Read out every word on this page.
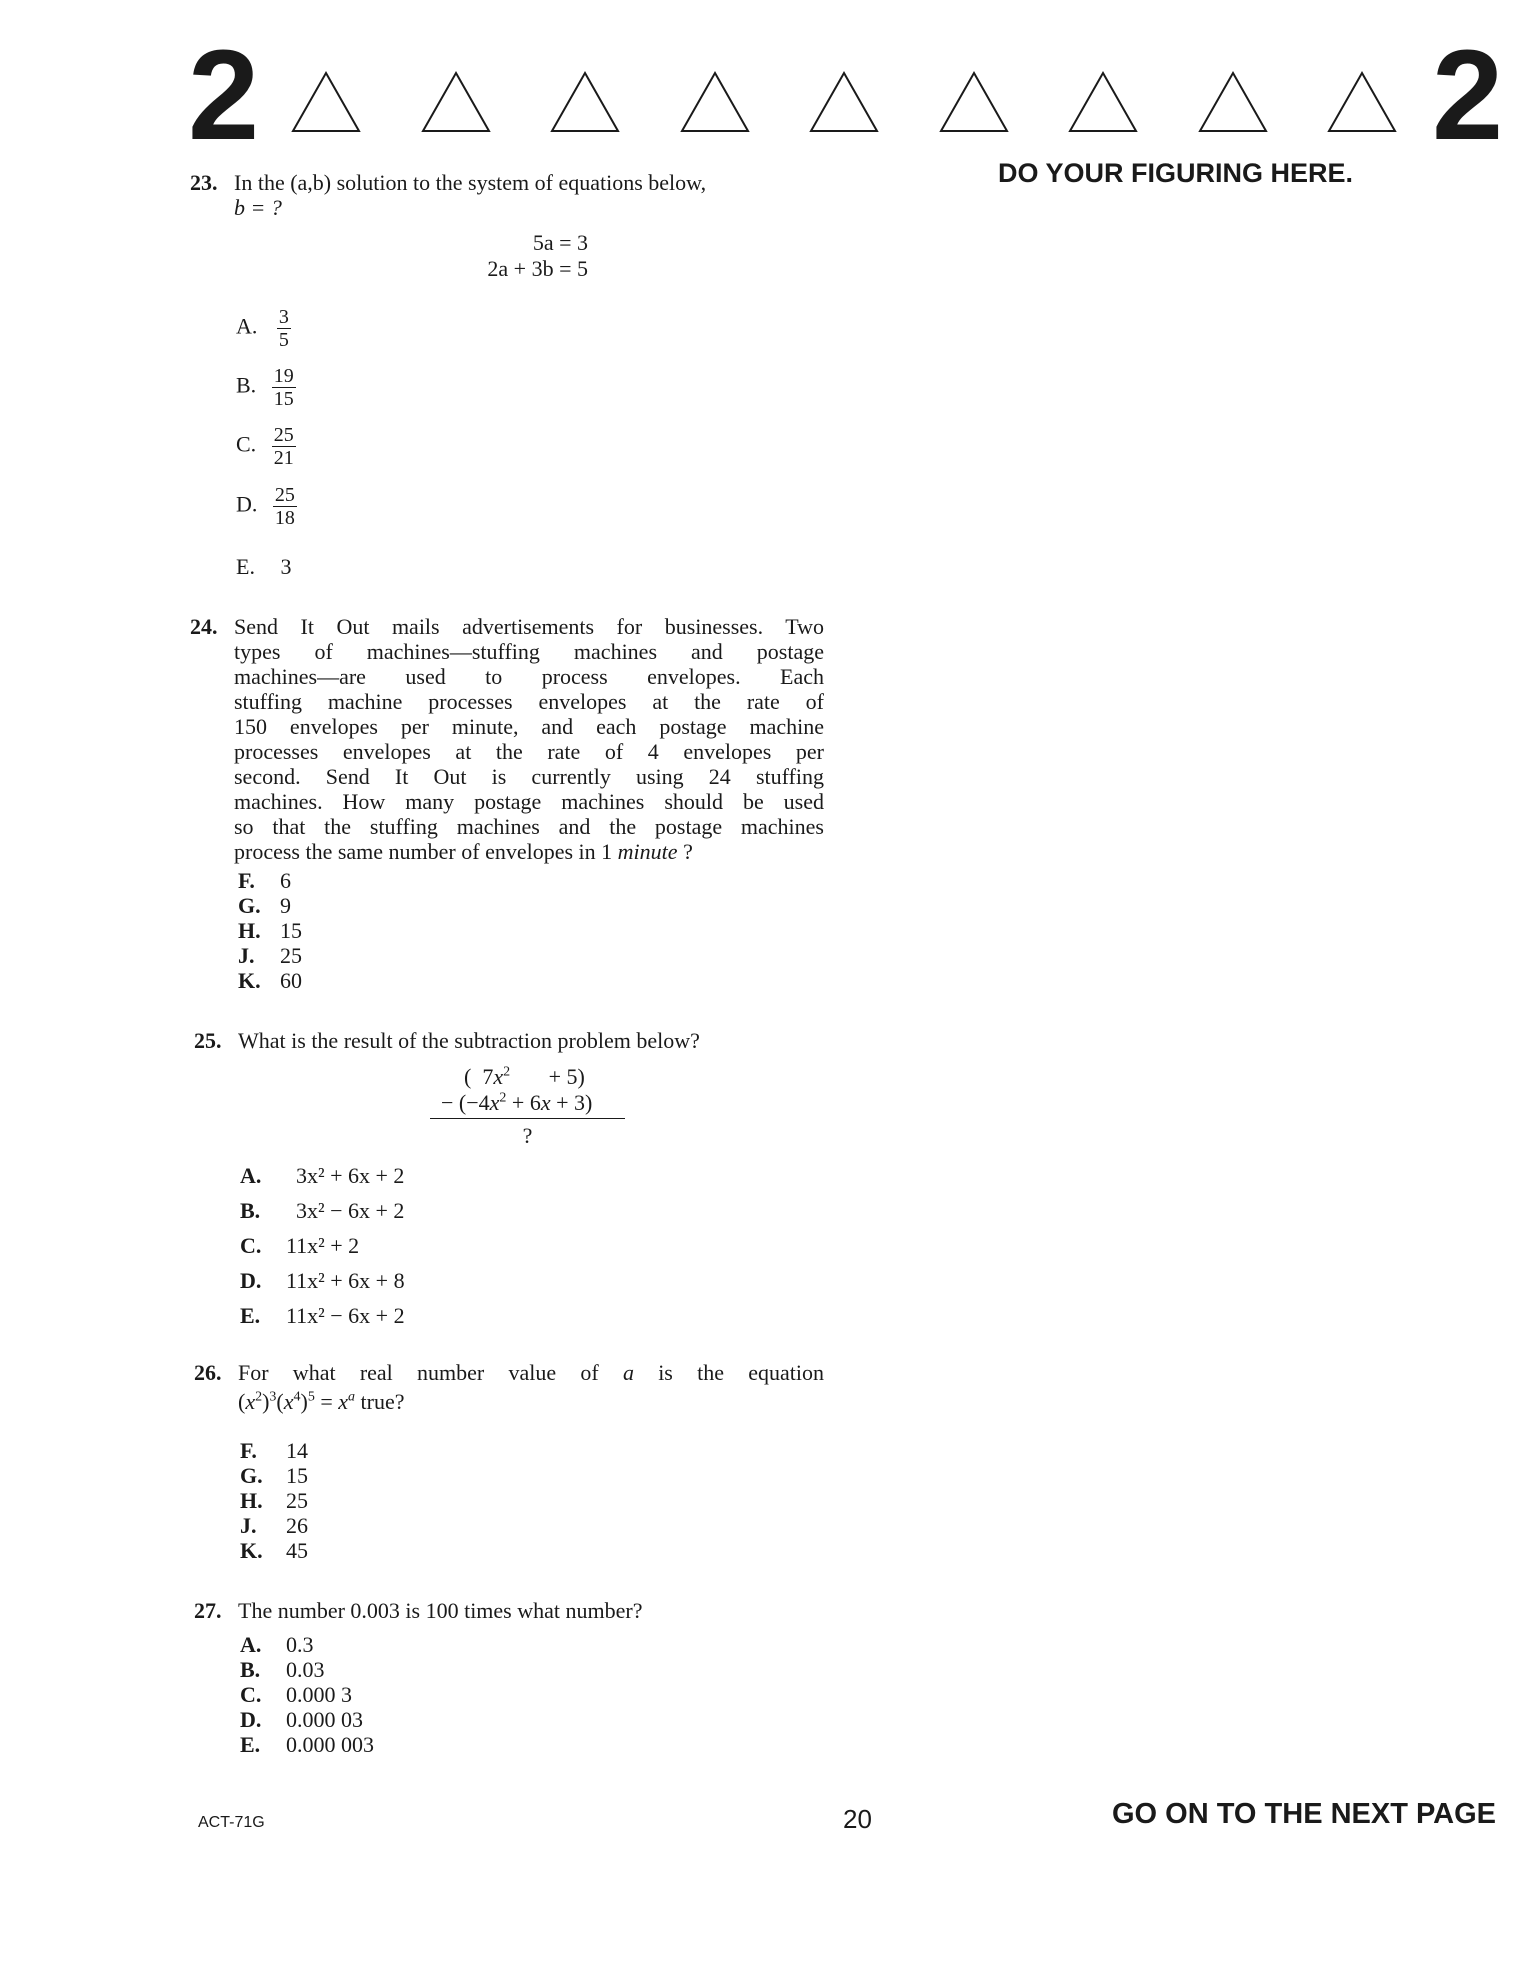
2	2
DO YOUR FIGURING HERE.
23. In the (a,b) solution to the system of equations below,
b = ?
5a = 3
2a + 3b = 5
A. $\frac{3}{5}$
B. $\frac{19}{15}$
C. $\frac{25}{21}$
D. $\frac{25}{18}$
E. 3
24. Send It Out mails advertisements for businesses. Two
types of machines—stuffing machines and postage
machines—are used to process envelopes. Each
stuffing machine processes envelopes at the rate of
150 envelopes per minute, and each postage machine
processes envelopes at the rate of 4 envelopes per
second. Send It Out is currently using 24 stuffing
machines. How many postage machines should be used
so that the stuffing machines and the postage machines
process the same number of envelopes in 1 minute ?
F. 6
G. 9
H. 15
J. 25
K. 60
25. What is the result of the subtraction problem below?
(  $7x^2$       + 5)
− $(-4x^2 + 6x + 3)$
?
A. 3x² + 6x + 2
B. 3x² − 6x + 2
C. 11x² + 2
D. 11x² + 6x + 8
E. 11x² − 6x + 2
26. For what real number value of a is the equation
$(x^2)^3(x^4)^5 = x^a$ true?
F. 14
G. 15
H. 25
J. 26
K. 45
27. The number 0.003 is 100 times what number?
A. 0.3
B. 0.03
C. 0.000 3
D. 0.000 03
E. 0.000 003
ACT-71G	20	GO ON TO THE NEXT PAGE
